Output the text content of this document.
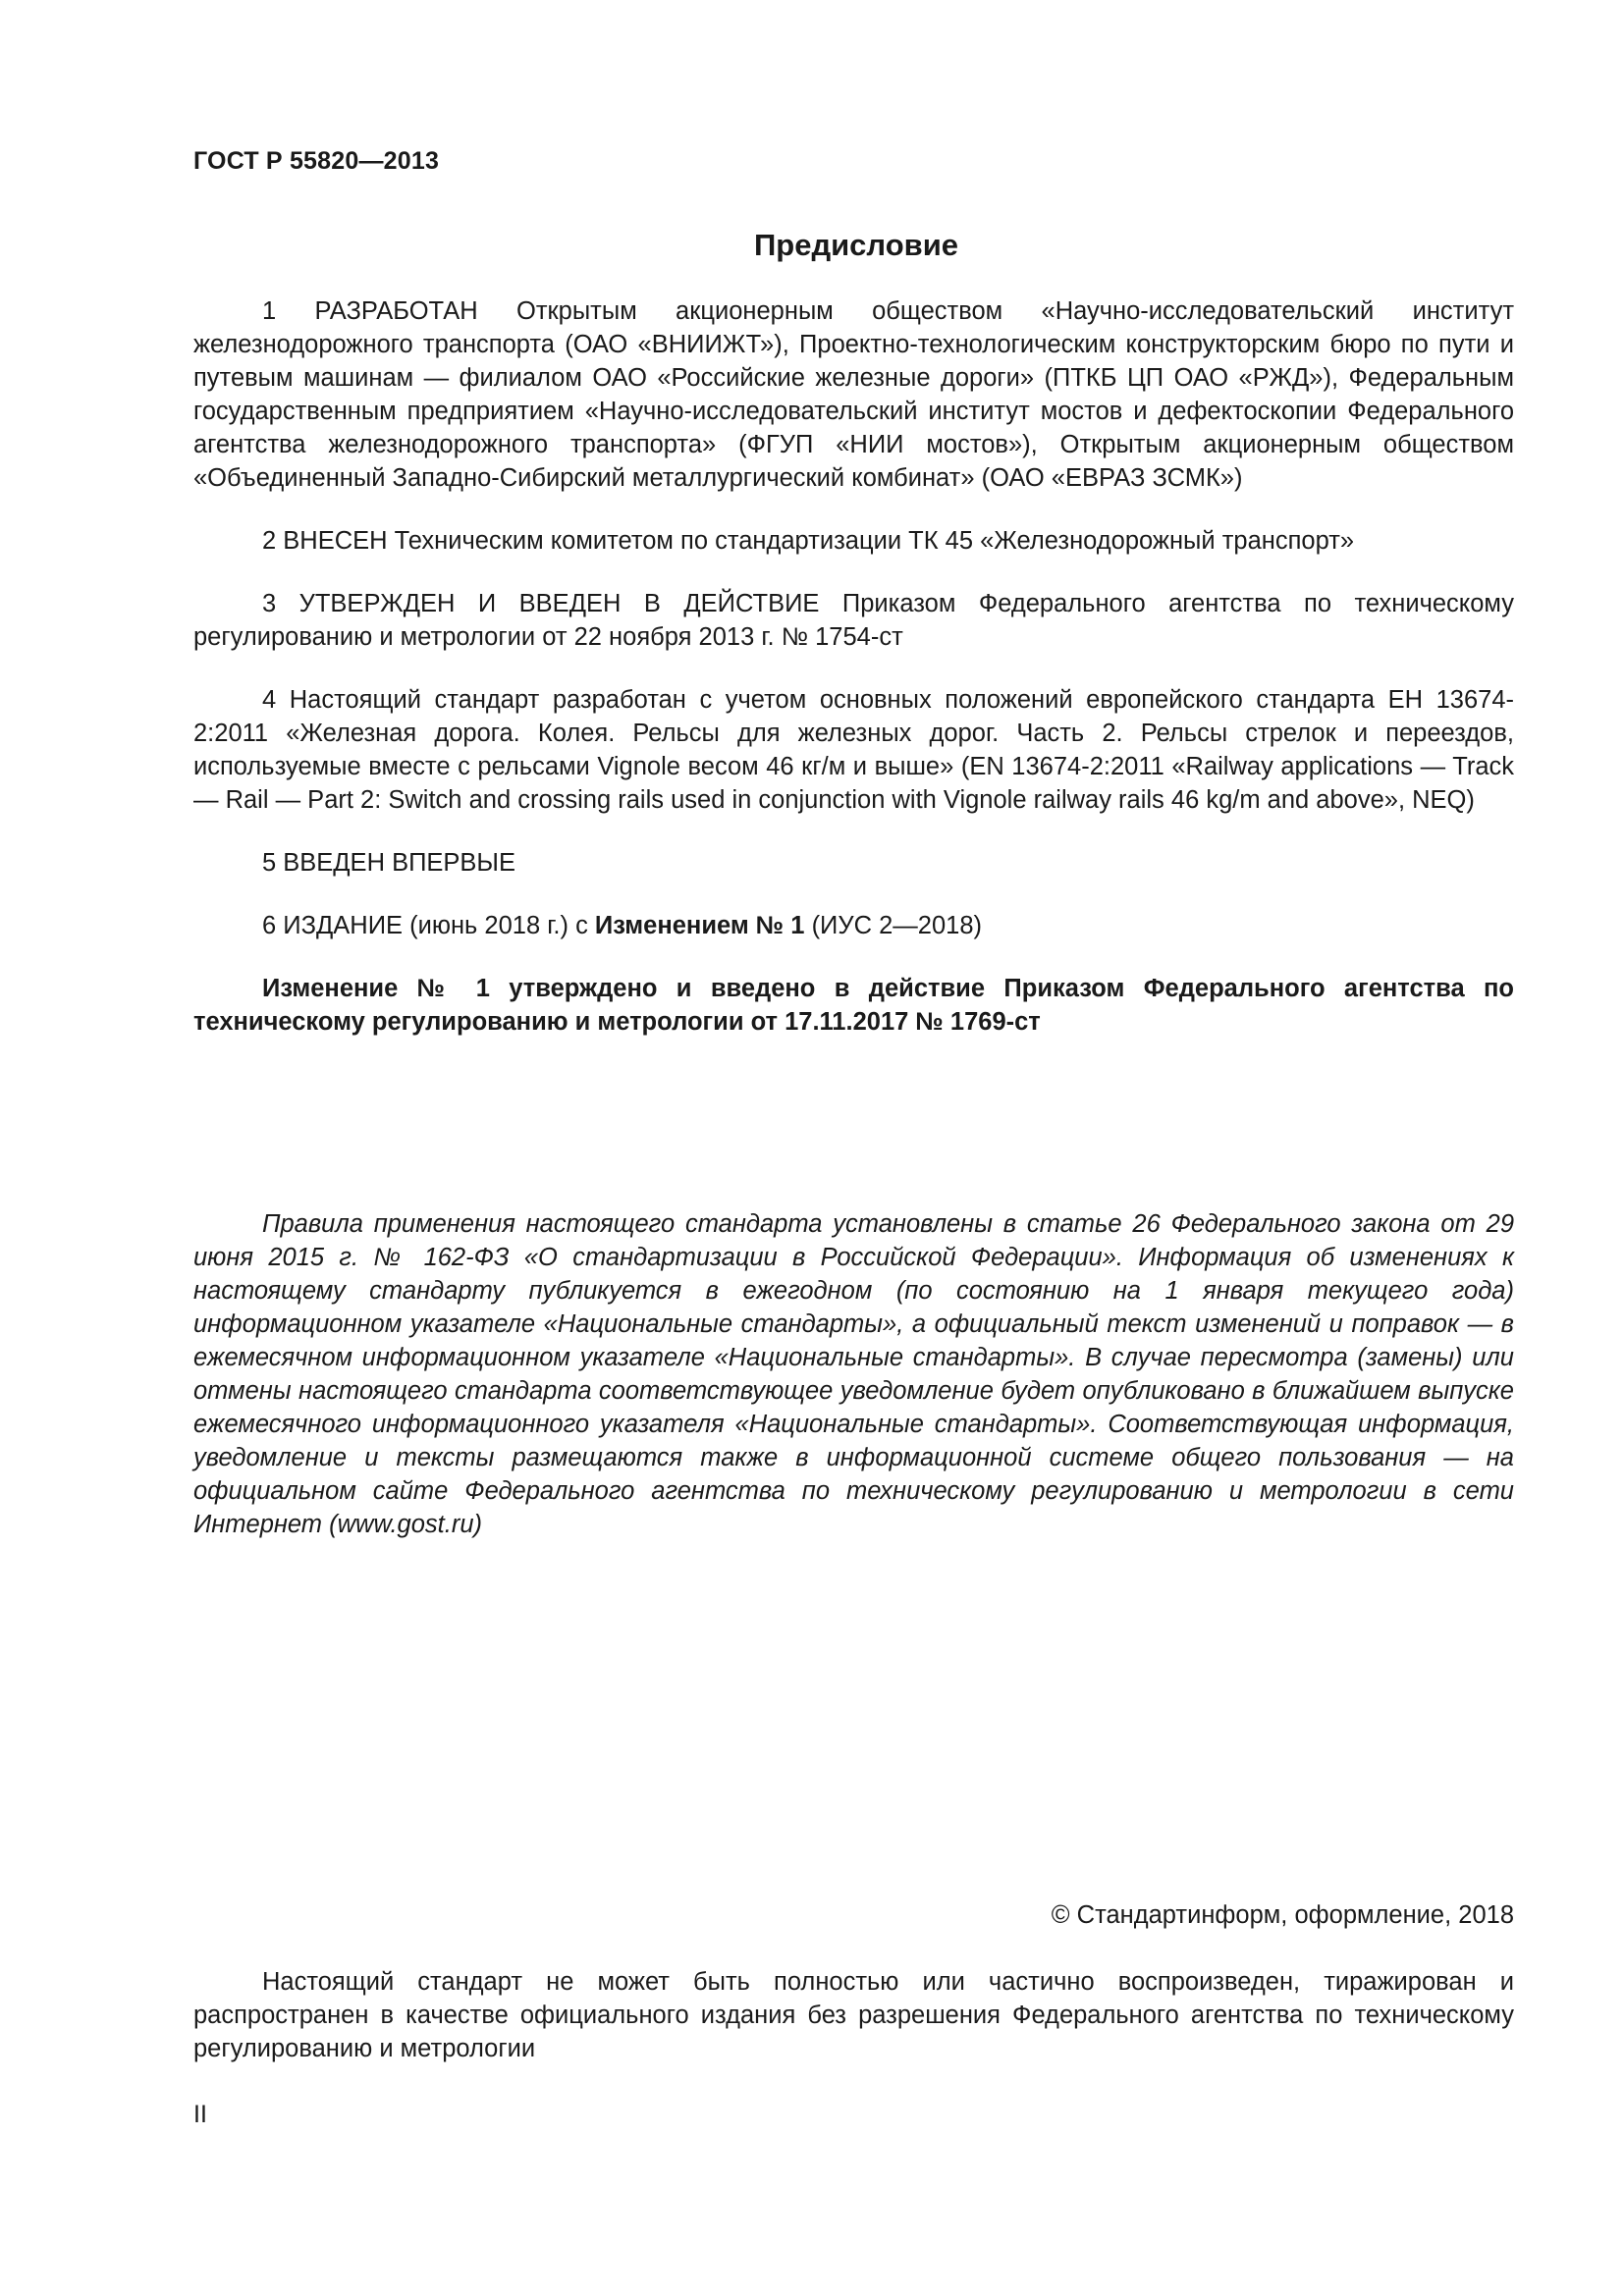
ГОСТ Р 55820—2013
Предисловие

1 РАЗРАБОТАН Открытым акционерным обществом «Научно-исследовательский институт железнодорожного транспорта (ОАО «ВНИИЖТ»), Проектно-технологическим конструкторским бюро по пути и путевым машинам — филиалом ОАО «Российские железные дороги» (ПТКБ ЦП ОАО «РЖД»), Федеральным государственным предприятием «Научно-исследовательский институт мостов и дефектоскопии Федерального агентства железнодорожного транспорта» (ФГУП «НИИ мостов»), Открытым акционерным обществом «Объединенный Западно-Сибирский металлургический комбинат» (ОАО «ЕВРАЗ ЗСМК»)

2 ВНЕСЕН Техническим комитетом по стандартизации ТК 45 «Железнодорожный транспорт»

3 УТВЕРЖДЕН И ВВЕДЕН В ДЕЙСТВИЕ Приказом Федерального агентства по техническому регулированию и метрологии от 22 ноября 2013 г. № 1754-ст

4 Настоящий стандарт разработан с учетом основных положений европейского стандарта ЕН 13674-2:2011 «Железная дорога. Колея. Рельсы для железных дорог. Часть 2. Рельсы стрелок и переездов, используемые вместе с рельсами Vignole весом 46 кг/м и выше» (EN 13674-2:2011 «Railway applications — Track — Rail — Part 2: Switch and crossing rails used in conjunction with Vignole railway rails 46 kg/m and above», NEQ)

5 ВВЕДЕН ВПЕРВЫЕ

6 ИЗДАНИЕ (июнь 2018 г.) с Изменением № 1 (ИУС 2—2018)

Изменение № 1 утверждено и введено в действие Приказом Федерального агентства по техническому регулированию и метрологии от 17.11.2017 № 1769-ст

Правила применения настоящего стандарта установлены в статье 26 Федерального закона от 29 июня 2015 г. № 162-ФЗ «О стандартизации в Российской Федерации». Информация об изменениях к настоящему стандарту публикуется в ежегодном (по состоянию на 1 января текущего года) информационном указателе «Национальные стандарты», а официальный текст изменений и поправок — в ежемесячном информационном указателе «Национальные стандарты». В случае пересмотра (замены) или отмены настоящего стандарта соответствующее уведомление будет опубликовано в ближайшем выпуске ежемесячного информационного указателя «Национальные стандарты». Соответствующая информация, уведомление и тексты размещаются также в информационной системе общего пользования — на официальном сайте Федерального агентства по техническому регулированию и метрологии в сети Интернет (www.gost.ru)

© Стандартинформ, оформление, 2018

Настоящий стандарт не может быть полностью или частично воспроизведен, тиражирован и распространен в качестве официального издания без разрешения Федерального агентства по техническому регулированию и метрологии

II
